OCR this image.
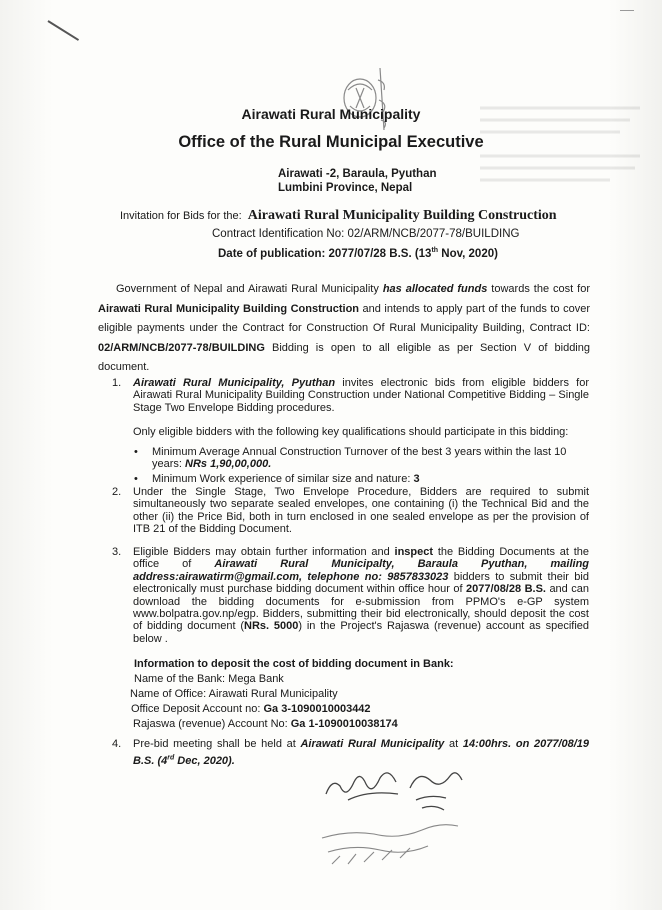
Airawati Rural Municipality
Office of the Rural Municipal Executive
Airawati -2, Baraula, Pyuthan
Lumbini Province, Nepal
Invitation for Bids for the: Airawati Rural Municipality Building Construction
Contract Identification No: 02/ARM/NCB/2077-78/BUILDING
Date of publication: 2077/07/28 B.S. (13th Nov, 2020)
Government of Nepal and Airawati Rural Municipality has allocated funds towards the cost for Airawati Rural Municipality Building Construction and intends to apply part of the funds to cover eligible payments under the Contract for Construction Of Rural Municipality Building, Contract ID: 02/ARM/NCB/2077-78/BUILDING Bidding is open to all eligible as per Section V of bidding document.
1. Airawati Rural Municipality, Pyuthan invites electronic bids from eligible bidders for Airawati Rural Municipality Building Construction under National Competitive Bidding – Single Stage Two Envelope Bidding procedures.
Only eligible bidders with the following key qualifications should participate in this bidding:
• Minimum Average Annual Construction Turnover of the best 3 years within the last 10 years: NRs 1,90,00,000.
• Minimum Work experience of similar size and nature: 3
2. Under the Single Stage, Two Envelope Procedure, Bidders are required to submit simultaneously two separate sealed envelopes, one containing (i) the Technical Bid and the other (ii) the Price Bid, both in turn enclosed in one sealed envelope as per the provision of ITB 21 of the Bidding Document.
3. Eligible Bidders may obtain further information and inspect the Bidding Documents at the office of Airawati Rural Municipalty, Baraula Pyuthan, mailing address:airawatirm@gmail.com, telephone no: 9857833023 bidders to submit their bid electronically must purchase bidding document within office hour of 2077/08/28 B.S. and can download the bidding documents for e-submission from PPMO's e-GP system www.bolpatra.gov.np/egp. Bidders, submitting their bid electronically, should deposit the cost of bidding document (NRs. 5000) in the Project's Rajaswa (revenue) account as specified below .
Information to deposit the cost of bidding document in Bank:
Name of the Bank: Mega Bank
Name of Office: Airawati Rural Municipality
Office Deposit Account no: Ga 3-1090010003442
Rajaswa (revenue) Account No: Ga 1-1090010038174
4. Pre-bid meeting shall be held at Airawati Rural Municipality at 14:00hrs. on 2077/08/19 B.S. (4rd Dec, 2020).
